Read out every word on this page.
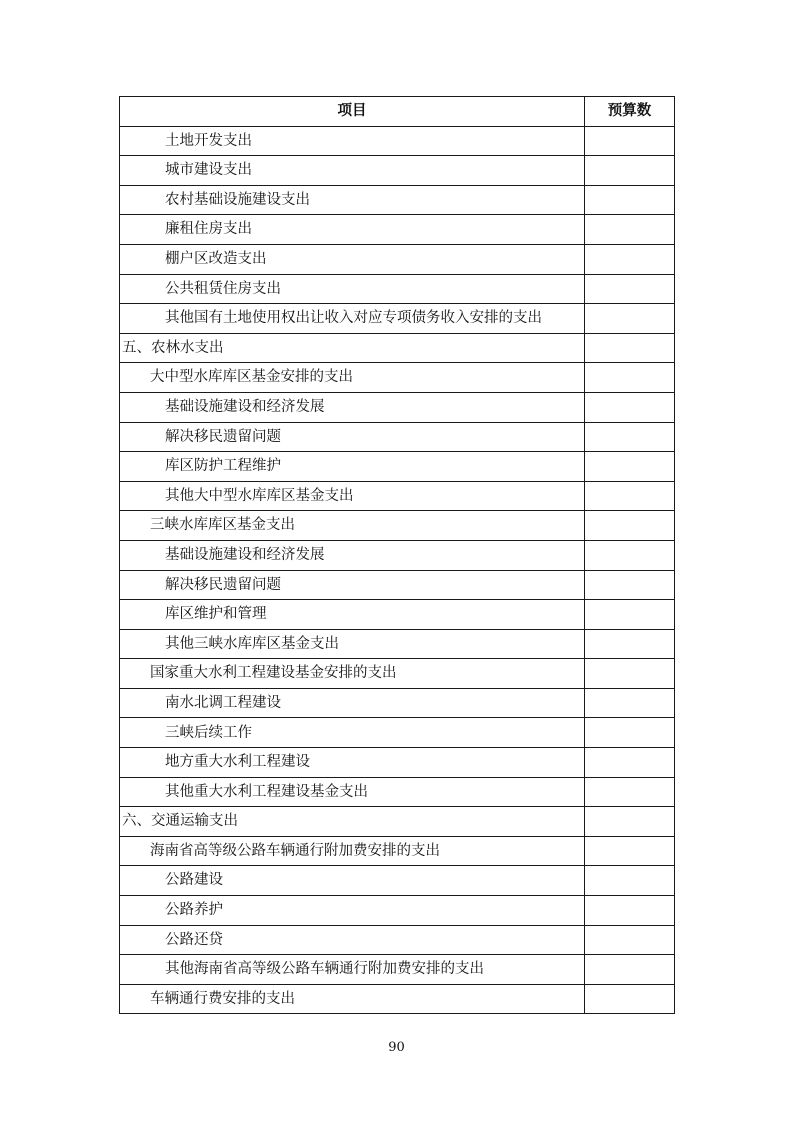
项目	预算数
土地开发支出	
城市建设支出	
农村基础设施建设支出	
廉租住房支出	
棚户区改造支出	
公共租赁住房支出	
其他国有土地使用权出让收入对应专项债务收入安排的支出	
五、农林水支出	
大中型水库库区基金安排的支出	
基础设施建设和经济发展	
解决移民遗留问题	
库区防护工程维护	
其他大中型水库库区基金支出	
三峡水库库区基金支出	
基础设施建设和经济发展	
解决移民遗留问题	
库区维护和管理	
其他三峡水库库区基金支出	
国家重大水利工程建设基金安排的支出	
南水北调工程建设	
三峡后续工作	
地方重大水利工程建设	
其他重大水利工程建设基金支出	
六、交通运输支出	
海南省高等级公路车辆通行附加费安排的支出	
公路建设	
公路养护	
公路还贷	
其他海南省高等级公路车辆通行附加费安排的支出	
车辆通行费安排的支出	
90
